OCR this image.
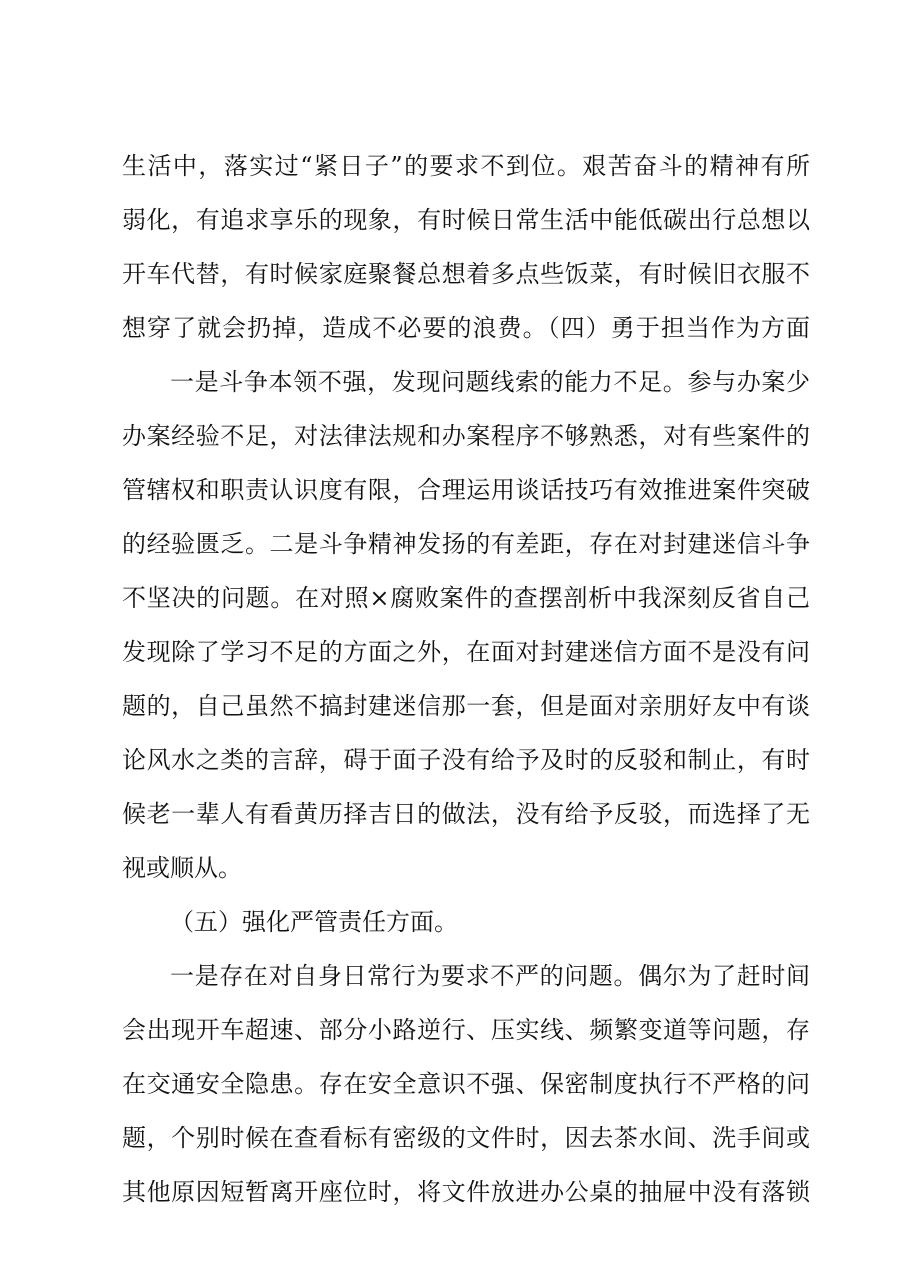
生活中，落实过“紧日子”的要求不到位。艰苦奋斗的精神有所
弱化，有追求享乐的现象，有时候日常生活中能低碳出行总想以
开车代替，有时候家庭聚餐总想着多点些饭菜，有时候旧衣服不
想穿了就会扔掉，造成不必要的浪费。（四）勇于担当作为方面
一是斗争本领不强，发现问题线索的能力不足。参与办案少
办案经验不足，对法律法规和办案程序不够熟悉，对有些案件的
管辖权和职责认识度有限，合理运用谈话技巧有效推进案件突破
的经验匮乏。二是斗争精神发扬的有差距，存在对封建迷信斗争
不坚决的问题。在对照×腐败案件的查摆剖析中我深刻反省自己
发现除了学习不足的方面之外，在面对封建迷信方面不是没有问
题的，自己虽然不搞封建迷信那一套，但是面对亲朋好友中有谈
论风水之类的言辞，碍于面子没有给予及时的反驳和制止，有时
候老一辈人有看黄历择吉日的做法，没有给予反驳，而选择了无
视或顺从。
（五）强化严管责任方面。
一是存在对自身日常行为要求不严的问题。偶尔为了赶时间
会出现开车超速、部分小路逆行、压实线、频繁变道等问题，存
在交通安全隐患。存在安全意识不强、保密制度执行不严格的问
题，个别时候在查看标有密级的文件时，因去茶水间、洗手间或
其他原因短暂离开座位时，将文件放进办公桌的抽屉中没有落锁
